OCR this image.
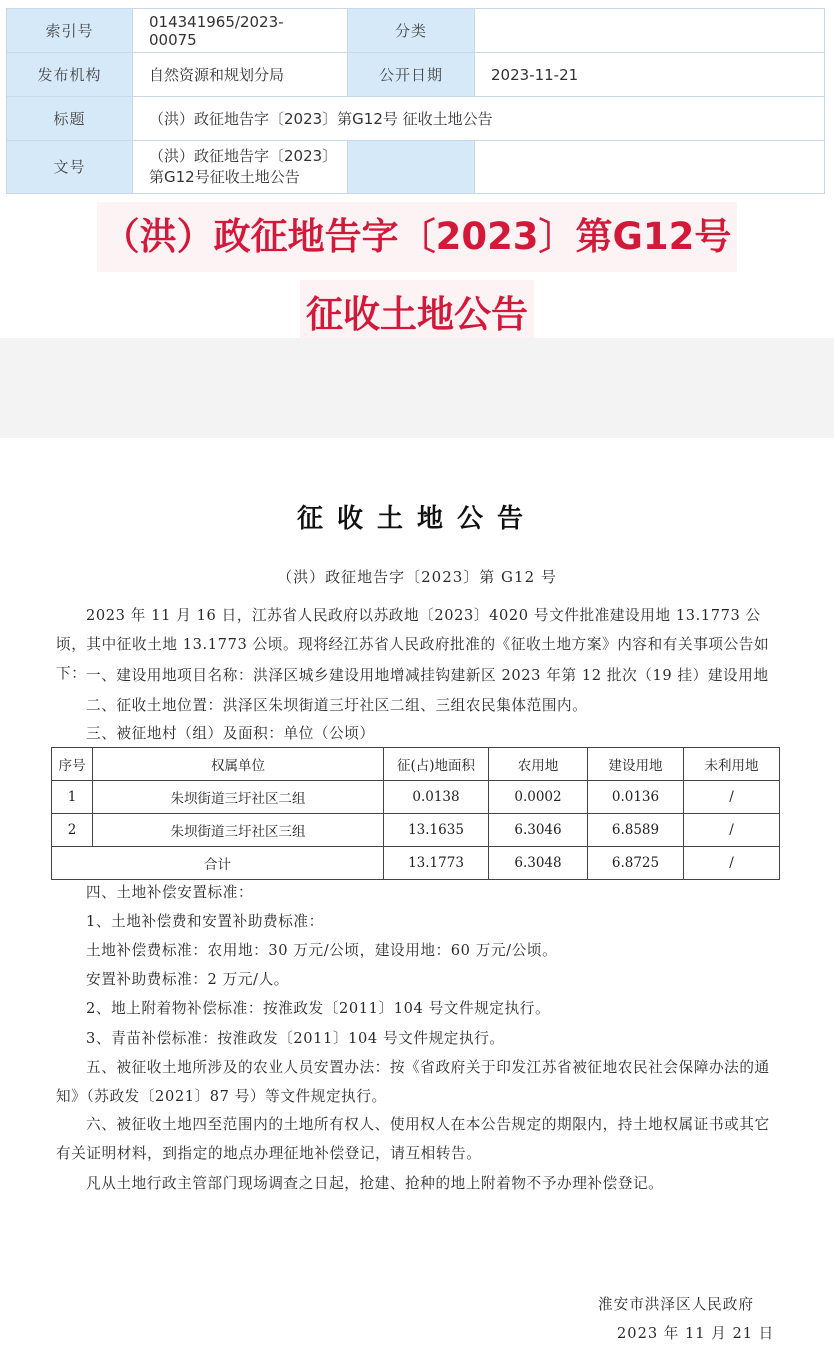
索引号	014341965/2023-00075	分类	
发布机构	自然资源和规划分局	公开日期	2023-11-21
标题	（洪）政征地告字〔2023〕第G12号 征收土地公告		
文号	（洪）政征地告字〔2023〕
第G12号征收土地公告		

（洪）政征地告字〔2023〕第G12号
征收土地公告
征收土地公告
（洪）政征地告字〔2023〕第 G12 号

2023 年 11 月 16 日，江苏省人民政府以苏政地〔2023〕4020 号文件批准建设用地 13.1773 公顷，其中征收土地 13.1773 公顷。现将经江苏省人民政府批准的《征收土地方案》内容和有关事项公告如下： 一、建设用地项目名称：洪泽区城乡建设用地增减挂钩建新区 2023 年第 12 批次（19 挂）建设用地

二、征收土地位置：洪泽区朱坝街道三圩社区二组、三组农民集体范围内。

三、被征地村（组）及面积：单位（公顷）

序号	权属单位	征(占)地面积	农用地	建设用地	未利用地
1	朱坝街道三圩社区二组	0.0138	0.0002	0.0136	/
2	朱坝街道三圩社区三组	13.1635	6.3046	6.8589	/
合计		13.1773	6.3048	6.8725	/

四、土地补偿安置标准：

1、土地补偿费和安置补助费标准：

土地补偿费标准：农用地：30 万元/公顷，建设用地：60 万元/公顷。

安置补助费标准：2 万元/人。

2、地上附着物补偿标准：按淮政发〔2011〕104 号文件规定执行。

3、青苗补偿标准：按淮政发〔2011〕104 号文件规定执行。

五、被征收土地所涉及的农业人员安置办法：按《省政府关于印发江苏省被征地农民社会保障办法的通知》（苏政发〔2021〕87 号）等文件规定执行。

六、被征收土地四至范围内的土地所有权人、使用权人在本公告规定的期限内，持土地权属证书或其它有关证明材料，到指定的地点办理征地补偿登记，请互相转告。

凡从土地行政主管部门现场调查之日起，抢建、抢种的地上附着物不予办理补偿登记。

淮安市洪泽区人民政府
2023 年 11 月 21 日
